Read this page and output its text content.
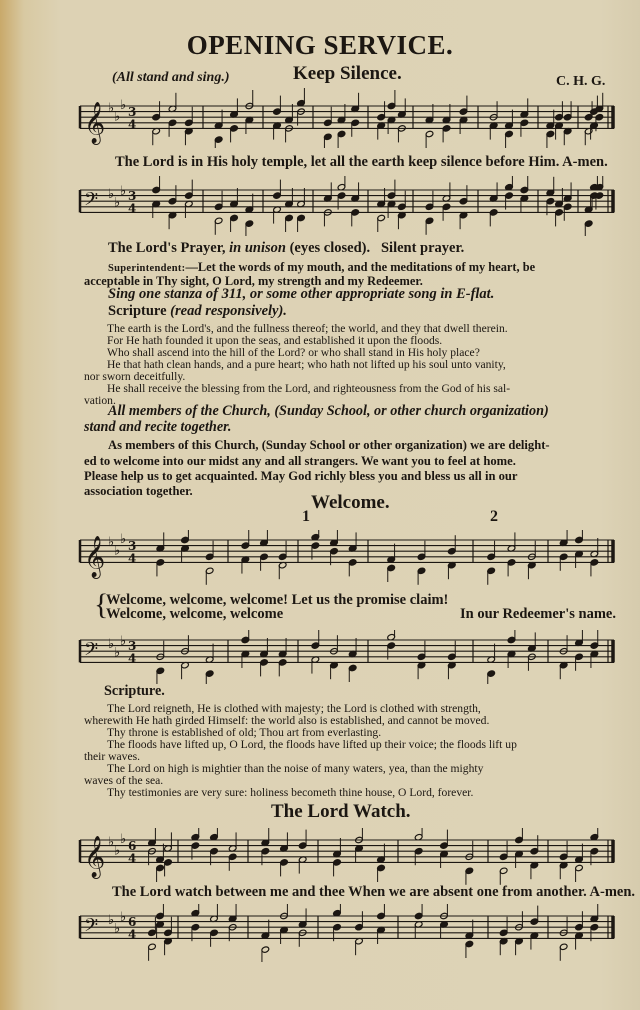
OPENING SERVICE.
(All stand and sing.)	Keep Silence.	C. H. G.
𝄞 ♭
♭
♭ 3
4
The Lord is in His holy temple, let all the earth keep silence before Him. A-men.
𝄢 ♭
♭
♭ 3
4
The Lord's Prayer, in unison (eyes closed). Silent prayer.
Superintendent:—Let the words of my mouth, and the meditations of my heart, be
acceptable in Thy sight, O Lord, my strength and my Redeemer.
Sing one stanza of 311, or some other appropriate song in E-flat.
Scripture (read responsively).
The earth is the Lord's, and the fullness thereof; the world, and they that dwell therein.
For He hath founded it upon the seas, and established it upon the floods.
Who shall ascend into the hill of the Lord? or who shall stand in His holy place?
He that hath clean hands, and a pure heart; who hath not lifted up his soul unto vanity,
nor sworn deceitfully.
He shall receive the blessing from the Lord, and righteousness from the God of his sal-
vation.
All members of the Church, (Sunday School, or other church organization)
stand and recite together.
As members of this Church, (Sunday School or other organization) we are delight-
ed to welcome into our midst any and all strangers. We want you to feel at home.
Please help us to get acquainted. May God richly bless you and bless us all in our
association together.
Welcome.
1	2
𝄞 ♭
♭
♭ 3
4
{
Welcome, welcome, welcome! Let us the promise claim!
Welcome, welcome, welcome	In our Redeemer's name.
𝄢 ♭
♭
♭ 3
4
Scripture.
The Lord reigneth, He is clothed with majesty; the Lord is clothed with strength,
wherewith He hath girded Himself: the world also is established, and cannot be moved.
Thy throne is established of old; Thou art from everlasting.
The floods have lifted up, O Lord, the floods have lifted up their voice; the floods lift up
their waves.
The Lord on high is mightier than the noise of many waters, yea, than the mighty
waves of the sea.
Thy testimonies are very sure: holiness becometh thine house, O Lord, forever.
The Lord Watch.
𝄞 ♭
♭
♭ 6
4
The Lord watch between me and thee When we are absent one from another. A-men.
𝄢 ♭
♭
♭ 6
4
